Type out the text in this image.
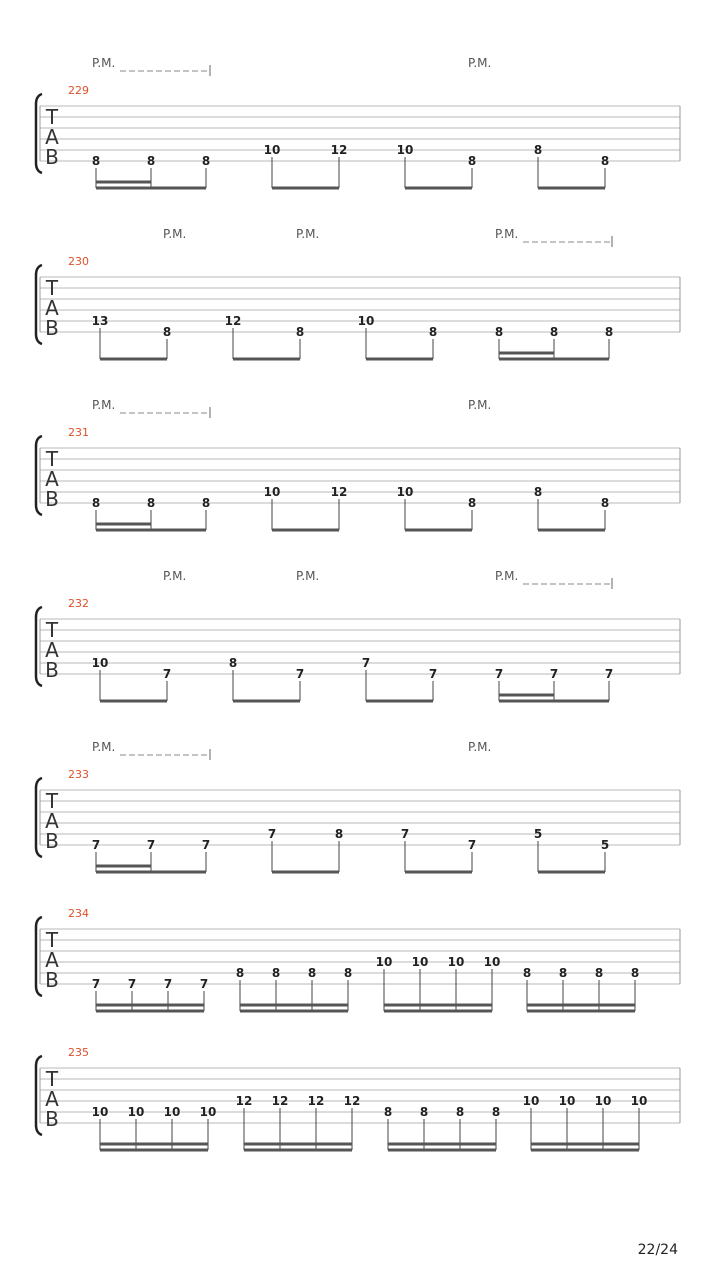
T
A
B
229
P.M.	P.M.
8	8	8
10	12	10
8
8
8
T
A
B
230
P.M.	P.M.	P.M.
13
8
12
8
10
8	8	8	8
T
A
B
231
P.M.	P.M.
8	8	8
10	12	10
8
8
8
T
A
B
232
P.M.	P.M.	P.M.
10
7
8
7
7
7	7	7	7
T
A
B
233
P.M.	P.M.
7	7	7
7	8	7
7
5
5
T
A
B
234
7 7 7 7
8 8 8 8
10 10 10 10
8 8 8 8
T
A
B
235
10 10 10 10
12 12 12 12
8 8 8 8
10 10 10 10
22/24
